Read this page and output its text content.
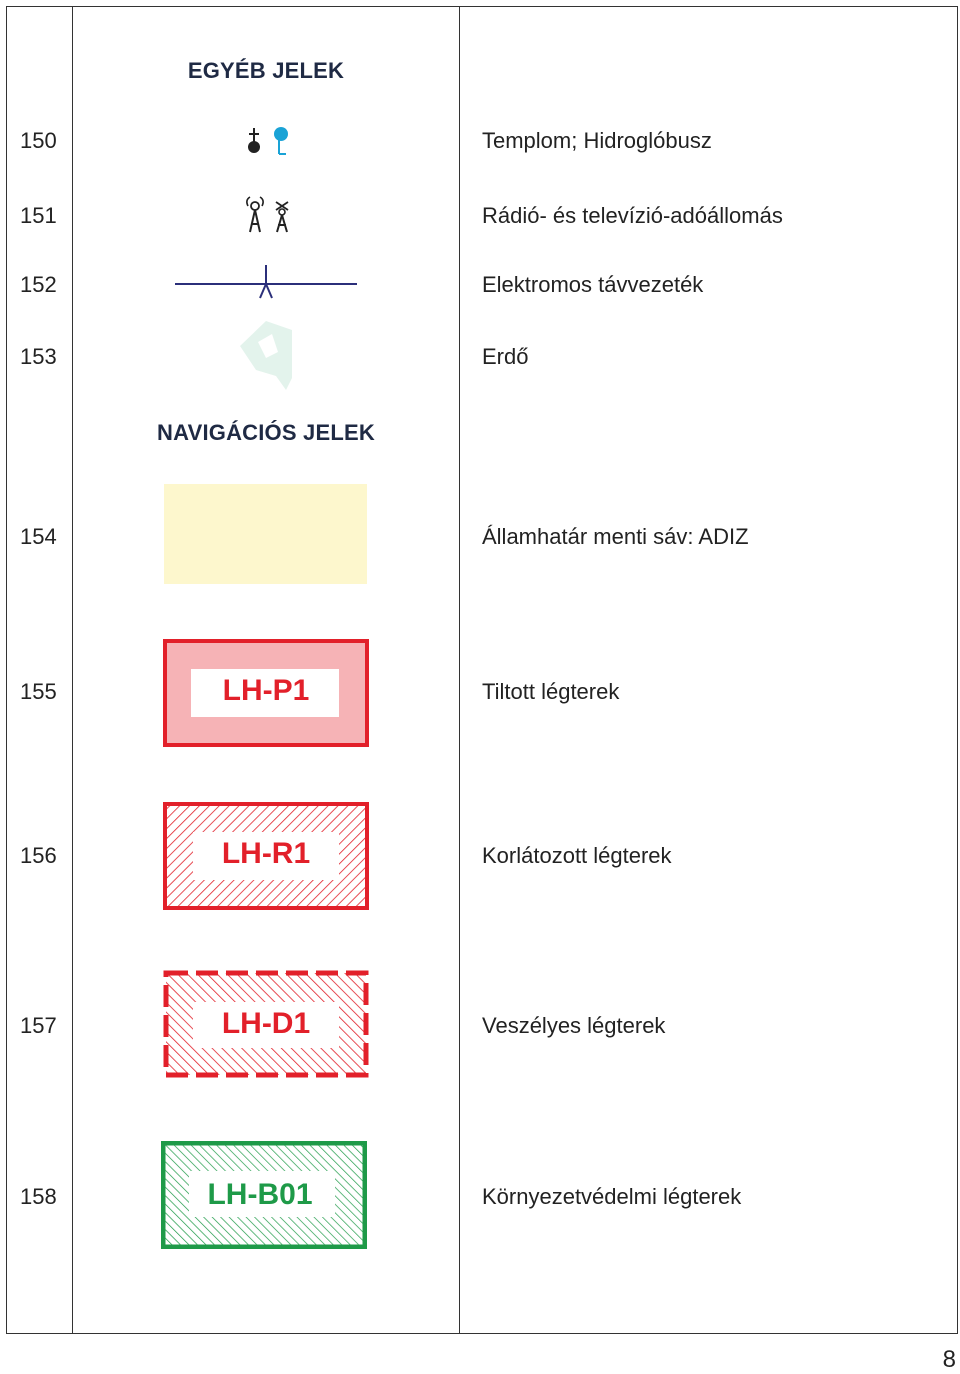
EGYÉB JELEK
NAVIGÁCIÓS JELEK
150	Templom; Hidroglóbusz
151	Rádió- és televízió-adóállomás
152	Elektromos távvezeték
153	Erdő
154	Államhatár menti sáv: ADIZ
155	LH-P1	Tiltott légterek
156	LH-R1	Korlátozott légterek
157	LH-D1	Veszélyes légterek
158	LH-B01	Környezetvédelmi légterek
8
